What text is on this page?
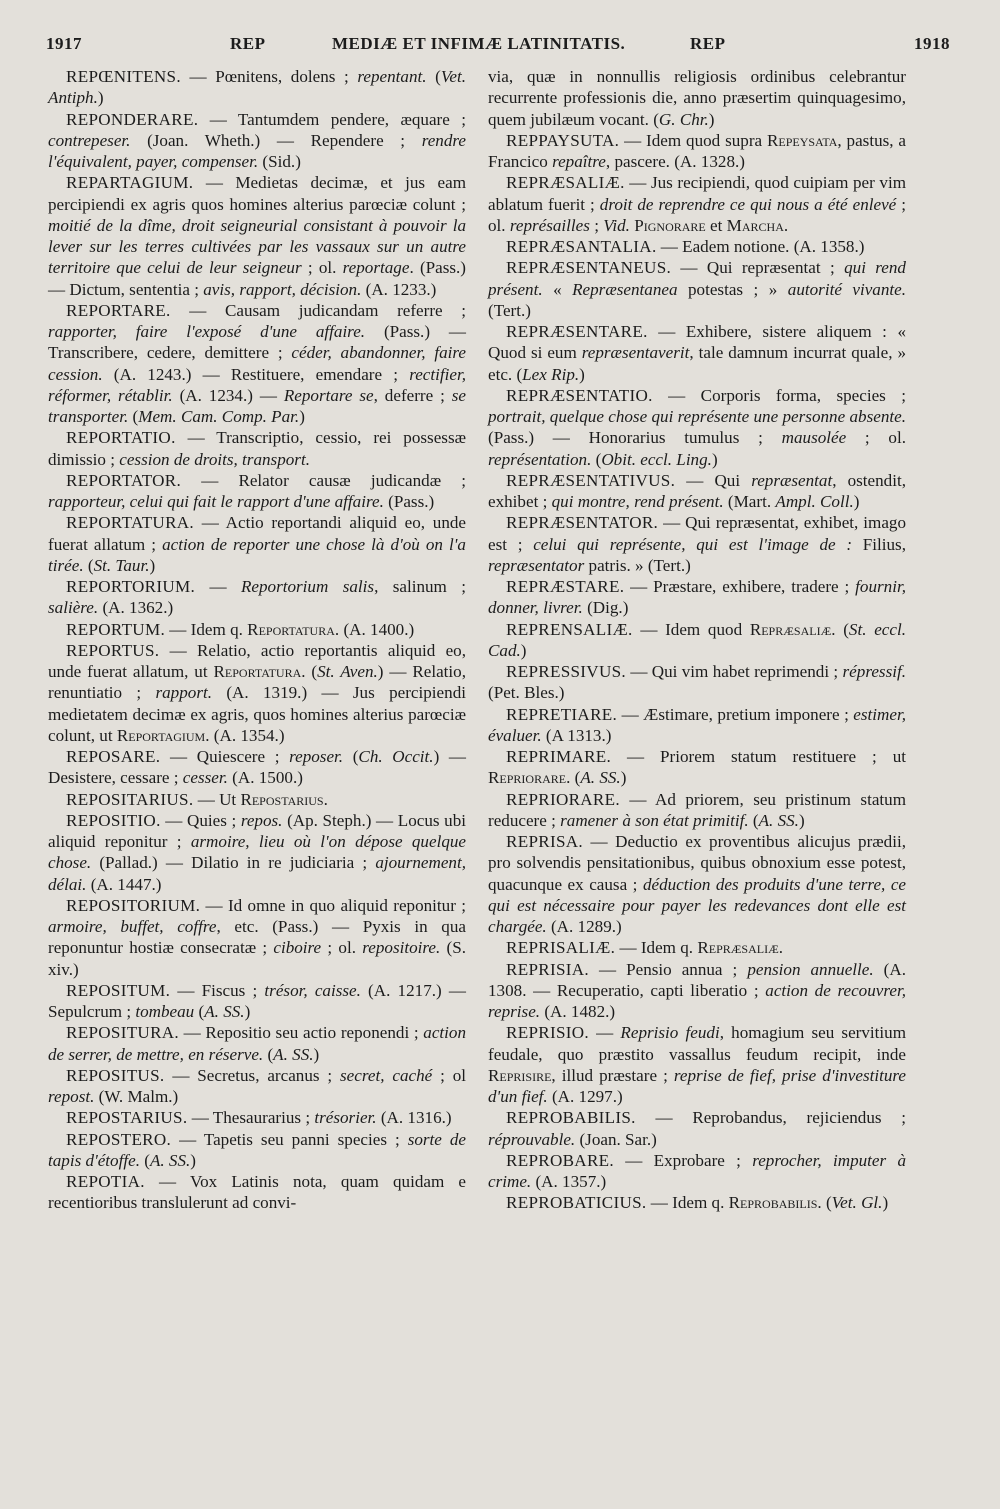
1917	REP	MEDIÆ ET INFIMÆ LATINITATIS.	REP	1918

REPŒNITENS. — Pœnitens, dolens ; repentant. (Vet. Antiph.)

REPONDERARE. — Tantumdem pendere, æquare ; contrepeser. (Joan. Wheth.) — Rependere ; rendre l'équivalent, payer, compenser. (Sid.)

REPARTAGIUM. — Medietas decimæ, et jus eam percipiendi ex agris quos homines alterius parœciæ colunt ; moitié de la dîme, droit seigneurial consistant à pouvoir la lever sur les terres cultivées par les vassaux sur un autre territoire que celui de leur seigneur ; ol. reportage. (Pass.) — Dictum, sententia ; avis, rapport, décision. (A. 1233.)

REPORTARE. — Causam judicandam referre ; rapporter, faire l'exposé d'une affaire. (Pass.) — Transcribere, cedere, demittere ; céder, abandonner, faire cession. (A. 1243.) — Restituere, emendare ; rectifier, réformer, rétablir. (A. 1234.) — Reportare se, deferre ; se transporter. (Mem. Cam. Comp. Par.)

REPORTATIO. — Transcriptio, cessio, rei possessæ dimissio ; cession de droits, transport.

REPORTATOR. — Relator causæ judicandæ ; rapporteur, celui qui fait le rapport d'une affaire. (Pass.)

REPORTATURA. — Actio reportandi aliquid eo, unde fuerat allatum ; action de reporter une chose là d'où on l'a tirée. (St. Taur.)

REPORTORIUM. — Reportorium salis, salinum ; salière. (A. 1362.)

REPORTUM. — Idem q. Reportatura. (A. 1400.)

REPORTUS. — Relatio, actio reportantis aliquid eo, unde fuerat allatum, ut Reportatura. (St. Aven.) — Relatio, renuntiatio ; rapport. (A. 1319.) — Jus percipiendi medietatem decimæ ex agris, quos homines alterius parœciæ colunt, ut Reportagium. (A. 1354.)

REPOSARE. — Quiescere ; reposer. (Ch. Occit.) — Desistere, cessare ; cesser. (A. 1500.)

REPOSITARIUS. — Ut Repostarius.

REPOSITIO. — Quies ; repos. (Ap. Steph.) — Locus ubi aliquid reponitur ; armoire, lieu où l'on dépose quelque chose. (Pallad.) — Dilatio in re judiciaria ; ajournement, délai. (A. 1447.)

REPOSITORIUM. — Id omne in quo aliquid reponitur ; armoire, buffet, coffre, etc. (Pass.) — Pyxis in qua reponuntur hostiæ consecratæ ; ciboire ; ol. repositoire. (S. xiv.)

REPOSITUM. — Fiscus ; trésor, caisse. (A. 1217.) — Sepulcrum ; tombeau (A. SS.)

REPOSITURA. — Repositio seu actio reponendi ; action de serrer, de mettre, en réserve. (A. SS.)

REPOSITUS. — Secretus, arcanus ; secret, caché ; ol repost. (W. Malm.)

REPOSTARIUS. — Thesaurarius ; trésorier. (A. 1316.)

REPOSTERO. — Tapetis seu panni species ; sorte de tapis d'étoffe. (A. SS.)

REPOTIA. — Vox Latinis nota, quam quidam e recentioribus translulerunt ad convi-

via, quæ in nonnullis religiosis ordinibus celebrantur recurrente professionis die, anno præsertim quinquagesimo, quem jubilæum vocant. (G. Chr.)

REPPAYSUTA. — Idem quod supra Repeysata, pastus, a Francico repaître, pascere. (A. 1328.)

REPRÆSALIÆ. — Jus recipiendi, quod cuipiam per vim ablatum fuerit ; droit de reprendre ce qui nous a été enlevé ; ol. représailles ; Vid. Pignorare et Marcha.

REPRÆSANTALIA. — Eadem notione. (A. 1358.)

REPRÆSENTANEUS. — Qui repræsentat ; qui rend présent. « Repræsentanea potestas ; » autorité vivante. (Tert.)

REPRÆSENTARE. — Exhibere, sistere aliquem : « Quod si eum repræsentaverit, tale damnum incurrat quale, » etc. (Lex Rip.)

REPRÆSENTATIO. — Corporis forma, species ; portrait, quelque chose qui représente une personne absente. (Pass.) — Honorarius tumulus ; mausolée ; ol. représentation. (Obit. eccl. Ling.)

REPRÆSENTATIVUS. — Qui repræsentat, ostendit, exhibet ; qui montre, rend présent. (Mart. Ampl. Coll.)

REPRÆSENTATOR. — Qui repræsentat, exhibet, imago est ; celui qui représente, qui est l'image de : Filius, repræsentator patris. » (Tert.)

REPRÆSTARE. — Præstare, exhibere, tradere ; fournir, donner, livrer. (Dig.)

REPRENSALIÆ. — Idem quod Repræsaliæ. (St. eccl. Cad.)

REPRESSIVUS. — Qui vim habet reprimendi ; répressif. (Pet. Bles.)

REPRETIARE. — Æstimare, pretium imponere ; estimer, évaluer. (A 1313.)

REPRIMARE. — Priorem statum restituere ; ut Repriorare. (A. SS.)

REPRIORARE. — Ad priorem, seu pristinum statum reducere ; ramener à son état primitif. (A. SS.)

REPRISA. — Deductio ex proventibus alicujus prædii, pro solvendis pensitationibus, quibus obnoxium esse potest, quacunque ex causa ; déduction des produits d'une terre, ce qui est nécessaire pour payer les redevances dont elle est chargée. (A. 1289.)

REPRISALIÆ. — Idem q. Repræsaliæ.

REPRISIA. — Pensio annua ; pension annuelle. (A. 1308. — Recuperatio, capti liberatio ; action de recouvrer, reprise. (A. 1482.)

REPRISIO. — Reprisio feudi, homagium seu servitium feudale, quo præstito vassallus feudum recipit, inde Reprisire, illud præstare ; reprise de fief, prise d'investiture d'un fief. (A. 1297.)

REPROBABILIS. — Reprobandus, rejiciendus ; réprouvable. (Joan. Sar.)

REPROBARE. — Exprobare ; reprocher, imputer à crime. (A. 1357.)

REPROBATICIUS. — Idem q. Reprobabilis. (Vet. Gl.)
